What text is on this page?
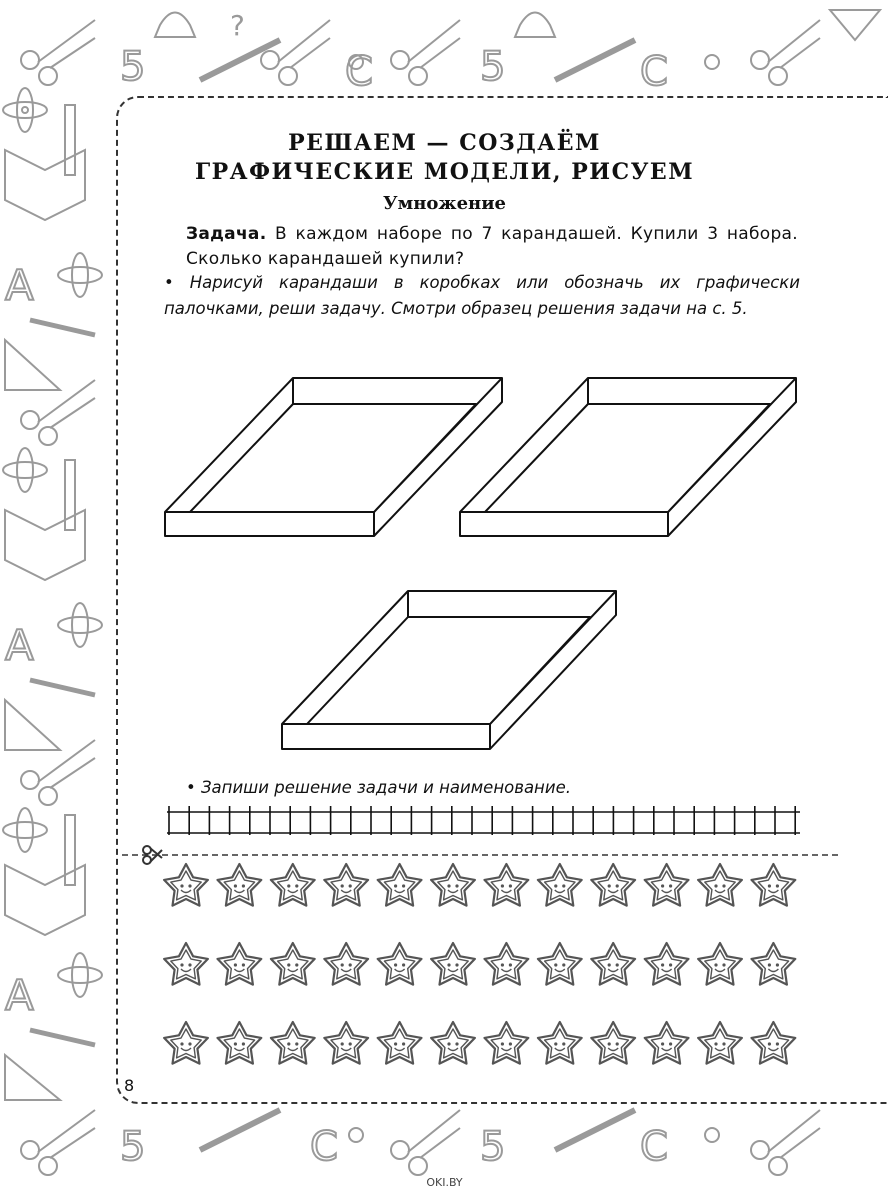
?
5	C	5	C
A
A
A
5	C	5	C
РЕШАЕМ — СОЗДАЁМ
ГРАФИЧЕСКИЕ МОДЕЛИ, РИСУЕМ
Умножение
Задача. В каждом наборе по 7 карандашей. Купили 3 набора. Сколько карандашей купили?
• Нарисуй карандаши в коробках или обозначь их графически палочками, реши задачу. Смотри образец решения задачи на с. 5.
• Запиши решение задачи и наименование.
8
OKI.BY
